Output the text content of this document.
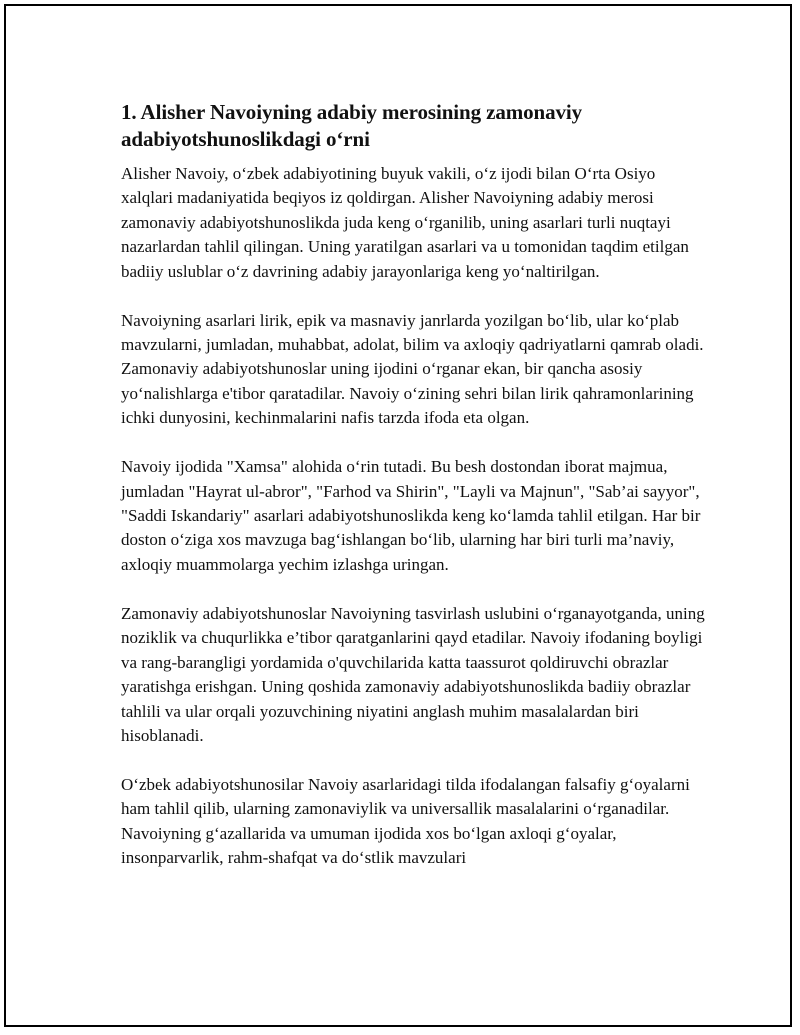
1. Alisher Navoiyning adabiy merosining zamonaviy adabiyotshunoslikdagi o‘rni

Alisher Navoiy, o‘zbek adabiyotining buyuk vakili, o‘z ijodi bilan O‘rta Osiyo xalqlari madaniyatida beqiyos iz qoldirgan. Alisher Navoiyning adabiy merosi zamonaviy adabiyotshunoslikda juda keng o‘rganilib, uning asarlari turli nuqtayi nazarlardan tahlil qilingan. Uning yaratilgan asarlari va u tomonidan taqdim etilgan badiiy uslublar o‘z davrining adabiy jarayonlariga keng yo‘naltirilgan.

Navoiyning asarlari lirik, epik va masnaviy janrlarda yozilgan bo‘lib, ular ko‘plab mavzularni, jumladan, muhabbat, adolat, bilim va axloqiy qadriyatlarni qamrab oladi. Zamonaviy adabiyotshunoslar uning ijodini o‘rganar ekan, bir qancha asosiy yo‘nalishlarga e'tibor qaratadilar. Navoiy o‘zining sehri bilan lirik qahramonlarining ichki dunyosini, kechinmalarini nafis tarzda ifoda eta olgan.

Navoiy ijodida "Xamsa" alohida o‘rin tutadi. Bu besh dostondan iborat majmua, jumladan "Hayrat ul-abror", "Farhod va Shirin", "Layli va Majnun", "Sab’ai sayyor", "Saddi Iskandariy" asarlari adabiyotshunoslikda keng ko‘lamda tahlil etilgan. Har bir doston o‘ziga xos mavzuga bag‘ishlangan bo‘lib, ularning har biri turli ma’naviy, axloqiy muammolarga yechim izlashga uringan.

Zamonaviy adabiyotshunoslar Navoiyning tasvirlash uslubini o‘rganayotganda, uning noziklik va chuqurlikka e’tibor qaratganlarini qayd etadilar. Navoiy ifodaning boyligi va rang-barangligi yordamida o'quvchilarida katta taassurot qoldiruvchi obrazlar yaratishga erishgan. Uning qoshida zamonaviy adabiyotshunoslikda badiiy obrazlar tahlili va ular orqali yozuvchining niyatini anglash muhim masalalardan biri hisoblanadi.

O‘zbek adabiyotshunosilar Navoiy asarlaridagi tilda ifodalangan falsafiy g‘oyalarni ham tahlil qilib, ularning zamonaviylik va universallik masalalarini o‘rganadilar. Navoiyning g‘azallarida va umuman ijodida xos bo‘lgan axloqi g‘oyalar, insonparvarlik, rahm-shafqat va do‘stlik mavzulari
